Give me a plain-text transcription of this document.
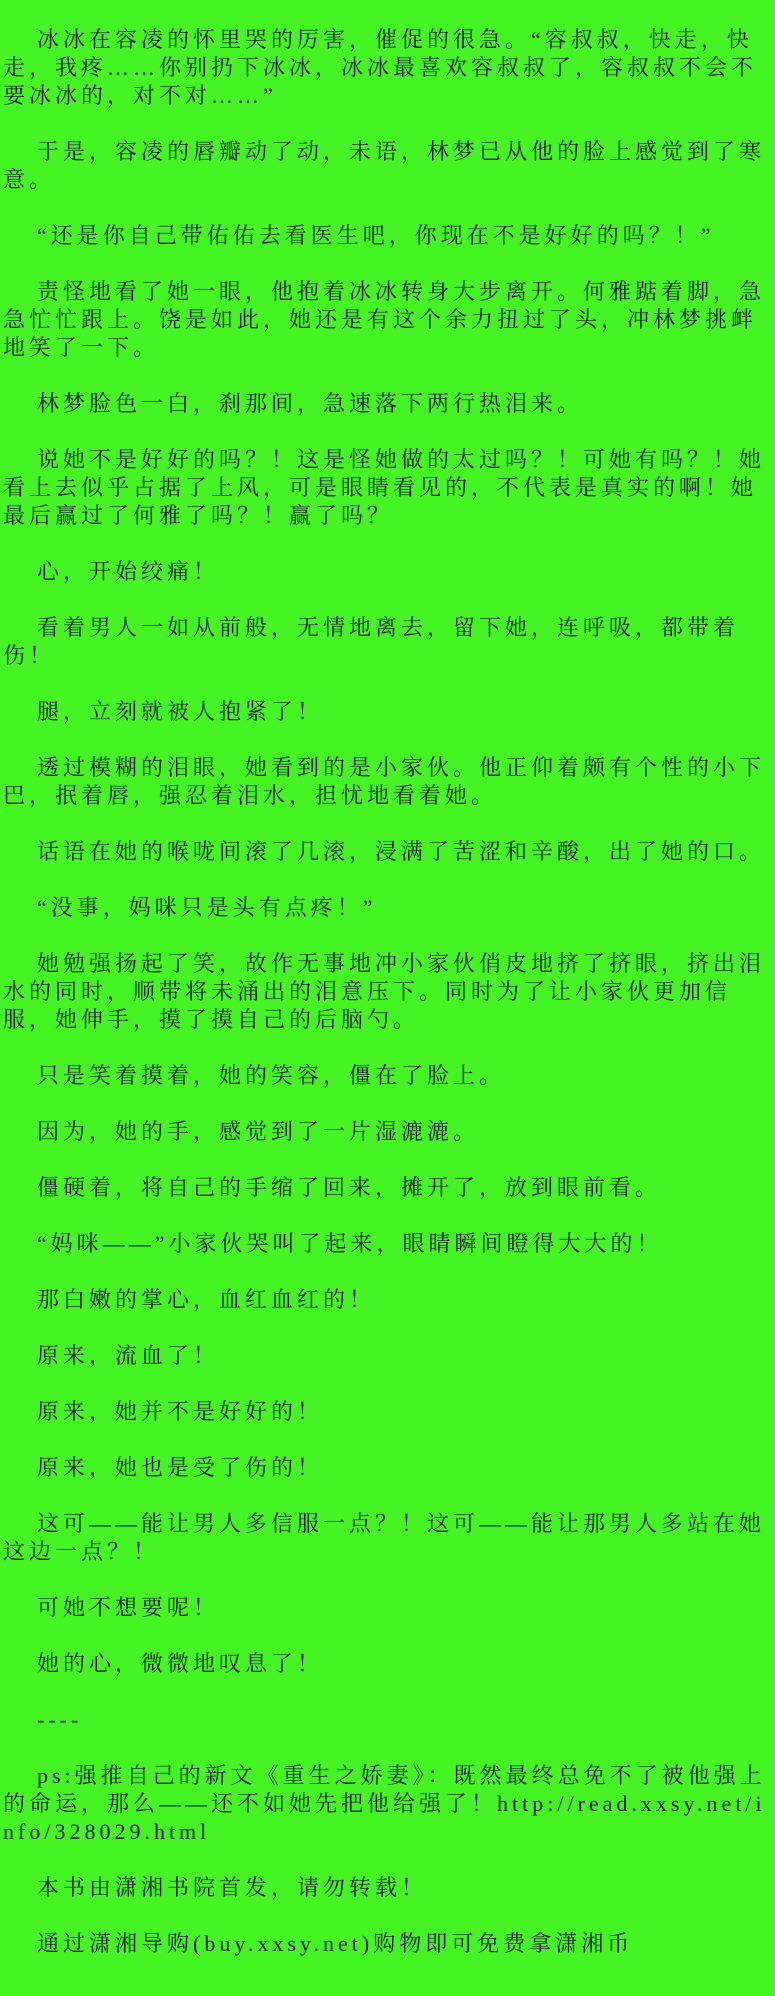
冰冰在容凌的怀里哭的厉害，催促的很急。“容叔叔，快走，快走，我疼……你别扔下冰冰，冰冰最喜欢容叔叔了，容叔叔不会不要冰冰的，对不对……”

于是，容凌的唇瓣动了动，未语，林梦已从他的脸上感觉到了寒意。

“还是你自己带佑佑去看医生吧，你现在不是好好的吗？！”

责怪地看了她一眼，他抱着冰冰转身大步离开。何雅踮着脚，急急忙忙跟上。饶是如此，她还是有这个余力扭过了头，冲林梦挑衅地笑了一下。

林梦脸色一白，刹那间，急速落下两行热泪来。

说她不是好好的吗？！这是怪她做的太过吗？！可她有吗？！她看上去似乎占据了上风，可是眼睛看见的，不代表是真实的啊！她最后赢过了何雅了吗？！赢了吗？

心，开始绞痛！

看着男人一如从前般，无情地离去，留下她，连呼吸，都带着伤！

腿，立刻就被人抱紧了！

透过模糊的泪眼，她看到的是小家伙。他正仰着颇有个性的小下巴，抿着唇，强忍着泪水，担忧地看着她。

话语在她的喉咙间滚了几滚，浸满了苦涩和辛酸，出了她的口。

“没事，妈咪只是头有点疼！”

她勉强扬起了笑，故作无事地冲小家伙俏皮地挤了挤眼，挤出泪水的同时，顺带将未涌出的泪意压下。同时为了让小家伙更加信服，她伸手，摸了摸自己的后脑勺。

只是笑着摸着，她的笑容，僵在了脸上。

因为，她的手，感觉到了一片湿漉漉。

僵硬着，将自己的手缩了回来，摊开了，放到眼前看。

“妈咪——”小家伙哭叫了起来，眼睛瞬间瞪得大大的！

那白嫩的掌心，血红血红的！

原来，流血了！

原来，她并不是好好的！

原来，她也是受了伤的！

这可——能让男人多信服一点？！这可——能让那男人多站在她这边一点？！

可她不想要呢！

她的心，微微地叹息了！

----

ps:强推自己的新文《重生之娇妻》：既然最终总免不了被他强上的命运，那么——还不如她先把他给强了！http://read.xxsy.net/info/328029.html

本书由潇湘书院首发，请勿转载！

通过潇湘导购(buy.xxsy.net)购物即可免费拿潇湘币
